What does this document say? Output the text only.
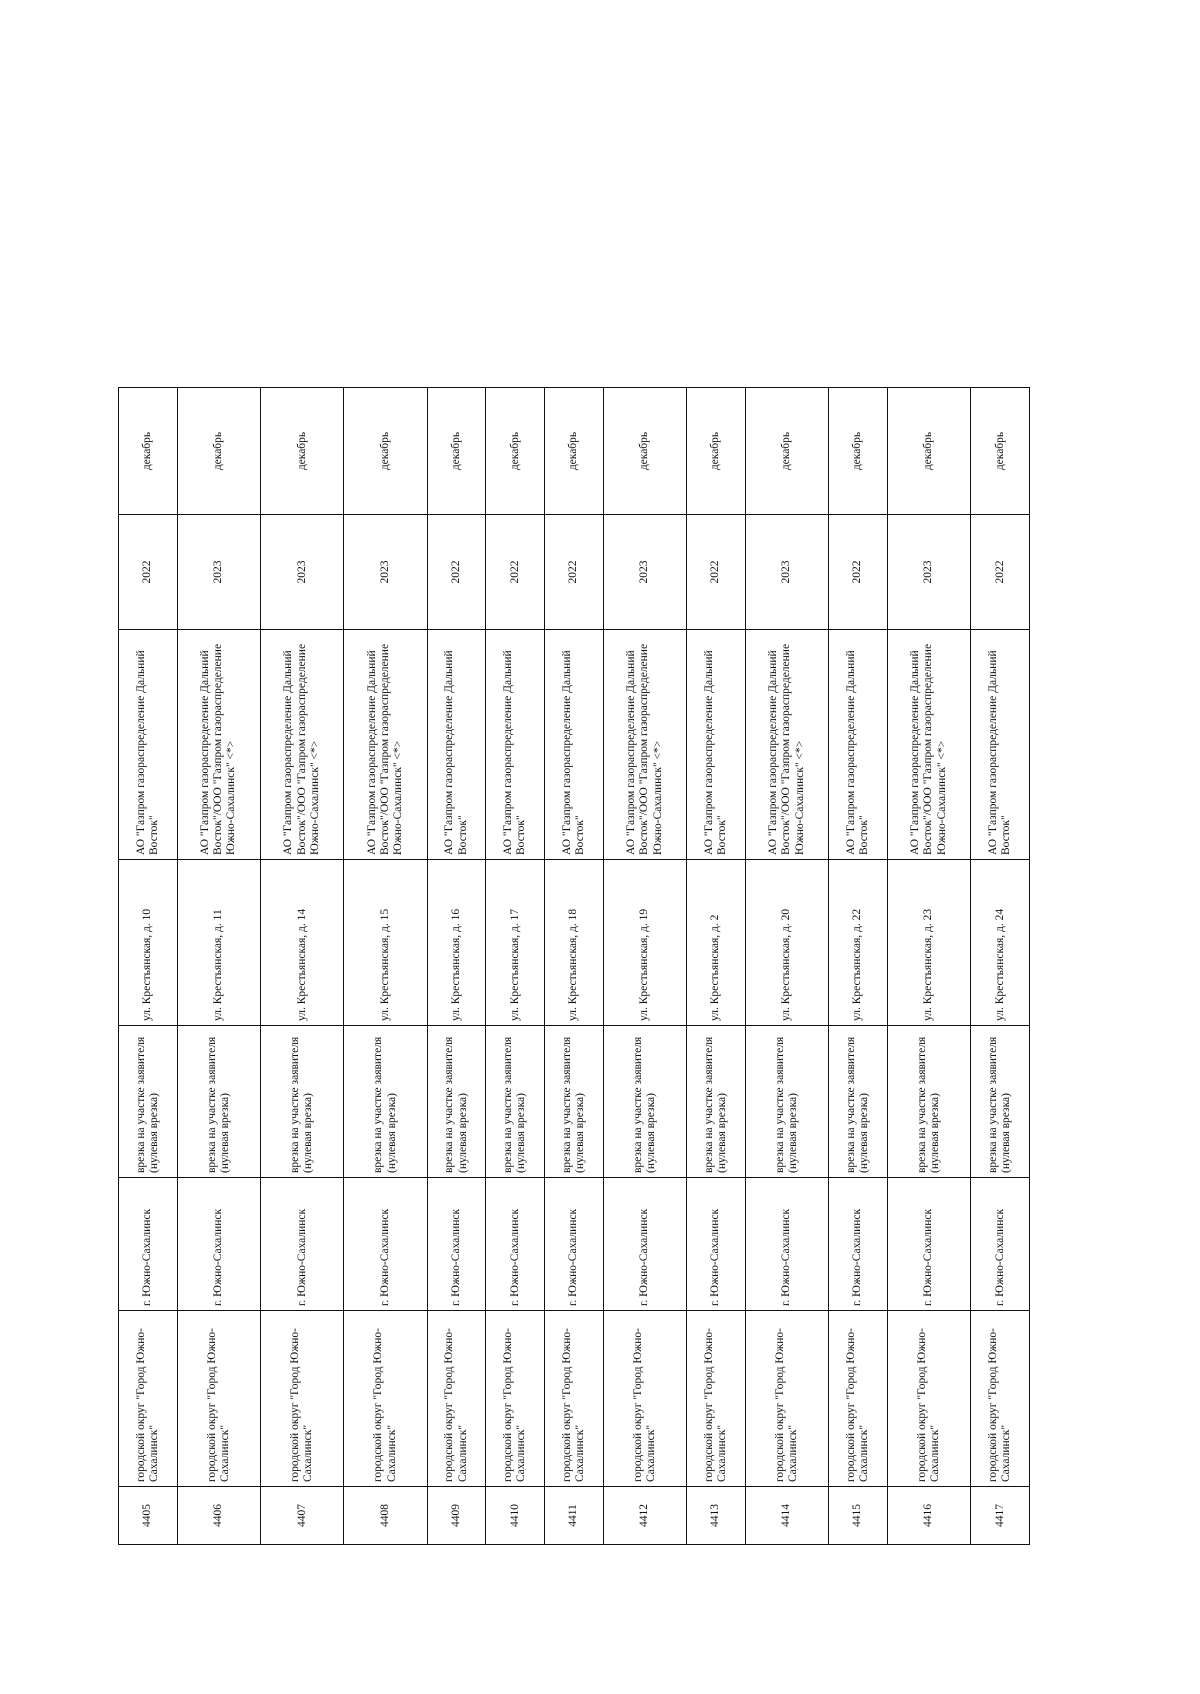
4405	городской округ "Город Южно-Сахалинск"	г. Южно-Сахалинск	врезка на участке заявителя (нулевая врезка)	ул. Крестьянская, д. 10	АО "Газпром газораспределение Дальний Восток"	2022	декабрь
4406	городской округ "Город Южно-Сахалинск"	г. Южно-Сахалинск	врезка на участке заявителя (нулевая врезка)	ул. Крестьянская, д. 11	АО "Газпром газораспределение Дальний Восток"/ООО "Газпром газораспределение Южно-Сахалинск" <*>	2023	декабрь
4407	городской округ "Город Южно-Сахалинск"	г. Южно-Сахалинск	врезка на участке заявителя (нулевая врезка)	ул. Крестьянская, д. 14	АО "Газпром газораспределение Дальний Восток"/ООО "Газпром газораспределение Южно-Сахалинск" <*>	2023	декабрь
4408	городской округ "Город Южно-Сахалинск"	г. Южно-Сахалинск	врезка на участке заявителя (нулевая врезка)	ул. Крестьянская, д. 15	АО "Газпром газораспределение Дальний Восток"/ООО "Газпром газораспределение Южно-Сахалинск" <*>	2023	декабрь
4409	городской округ "Город Южно-Сахалинск"	г. Южно-Сахалинск	врезка на участке заявителя (нулевая врезка)	ул. Крестьянская, д. 16	АО "Газпром газораспределение Дальний Восток"	2022	декабрь
4410	городской округ "Город Южно-Сахалинск"	г. Южно-Сахалинск	врезка на участке заявителя (нулевая врезка)	ул. Крестьянская, д. 17	АО "Газпром газораспределение Дальний Восток"	2022	декабрь
4411	городской округ "Город Южно-Сахалинск"	г. Южно-Сахалинск	врезка на участке заявителя (нулевая врезка)	ул. Крестьянская, д. 18	АО "Газпром газораспределение Дальний Восток"	2022	декабрь
4412	городской округ "Город Южно-Сахалинск"	г. Южно-Сахалинск	врезка на участке заявителя (нулевая врезка)	ул. Крестьянская, д. 19	АО "Газпром газораспределение Дальний Восток"/ООО "Газпром газораспределение Южно-Сахалинск" <*>	2023	декабрь
4413	городской округ "Город Южно-Сахалинск"	г. Южно-Сахалинск	врезка на участке заявителя (нулевая врезка)	ул. Крестьянская, д. 2	АО "Газпром газораспределение Дальний Восток"	2022	декабрь
4414	городской округ "Город Южно-Сахалинск"	г. Южно-Сахалинск	врезка на участке заявителя (нулевая врезка)	ул. Крестьянская, д. 20	АО "Газпром газораспределение Дальний Восток"/ООО "Газпром газораспределение Южно-Сахалинск" <*>	2023	декабрь
4415	городской округ "Город Южно-Сахалинск"	г. Южно-Сахалинск	врезка на участке заявителя (нулевая врезка)	ул. Крестьянская, д. 22	АО "Газпром газораспределение Дальний Восток"	2022	декабрь
4416	городской округ "Город Южно-Сахалинск"	г. Южно-Сахалинск	врезка на участке заявителя (нулевая врезка)	ул. Крестьянская, д. 23	АО "Газпром газораспределение Дальний Восток"/ООО "Газпром газораспределение Южно-Сахалинск" <*>	2023	декабрь
4417	городской округ "Город Южно-Сахалинск"	г. Южно-Сахалинск	врезка на участке заявителя (нулевая врезка)	ул. Крестьянская, д. 24	АО "Газпром газораспределение Дальний Восток"	2022	декабрь
